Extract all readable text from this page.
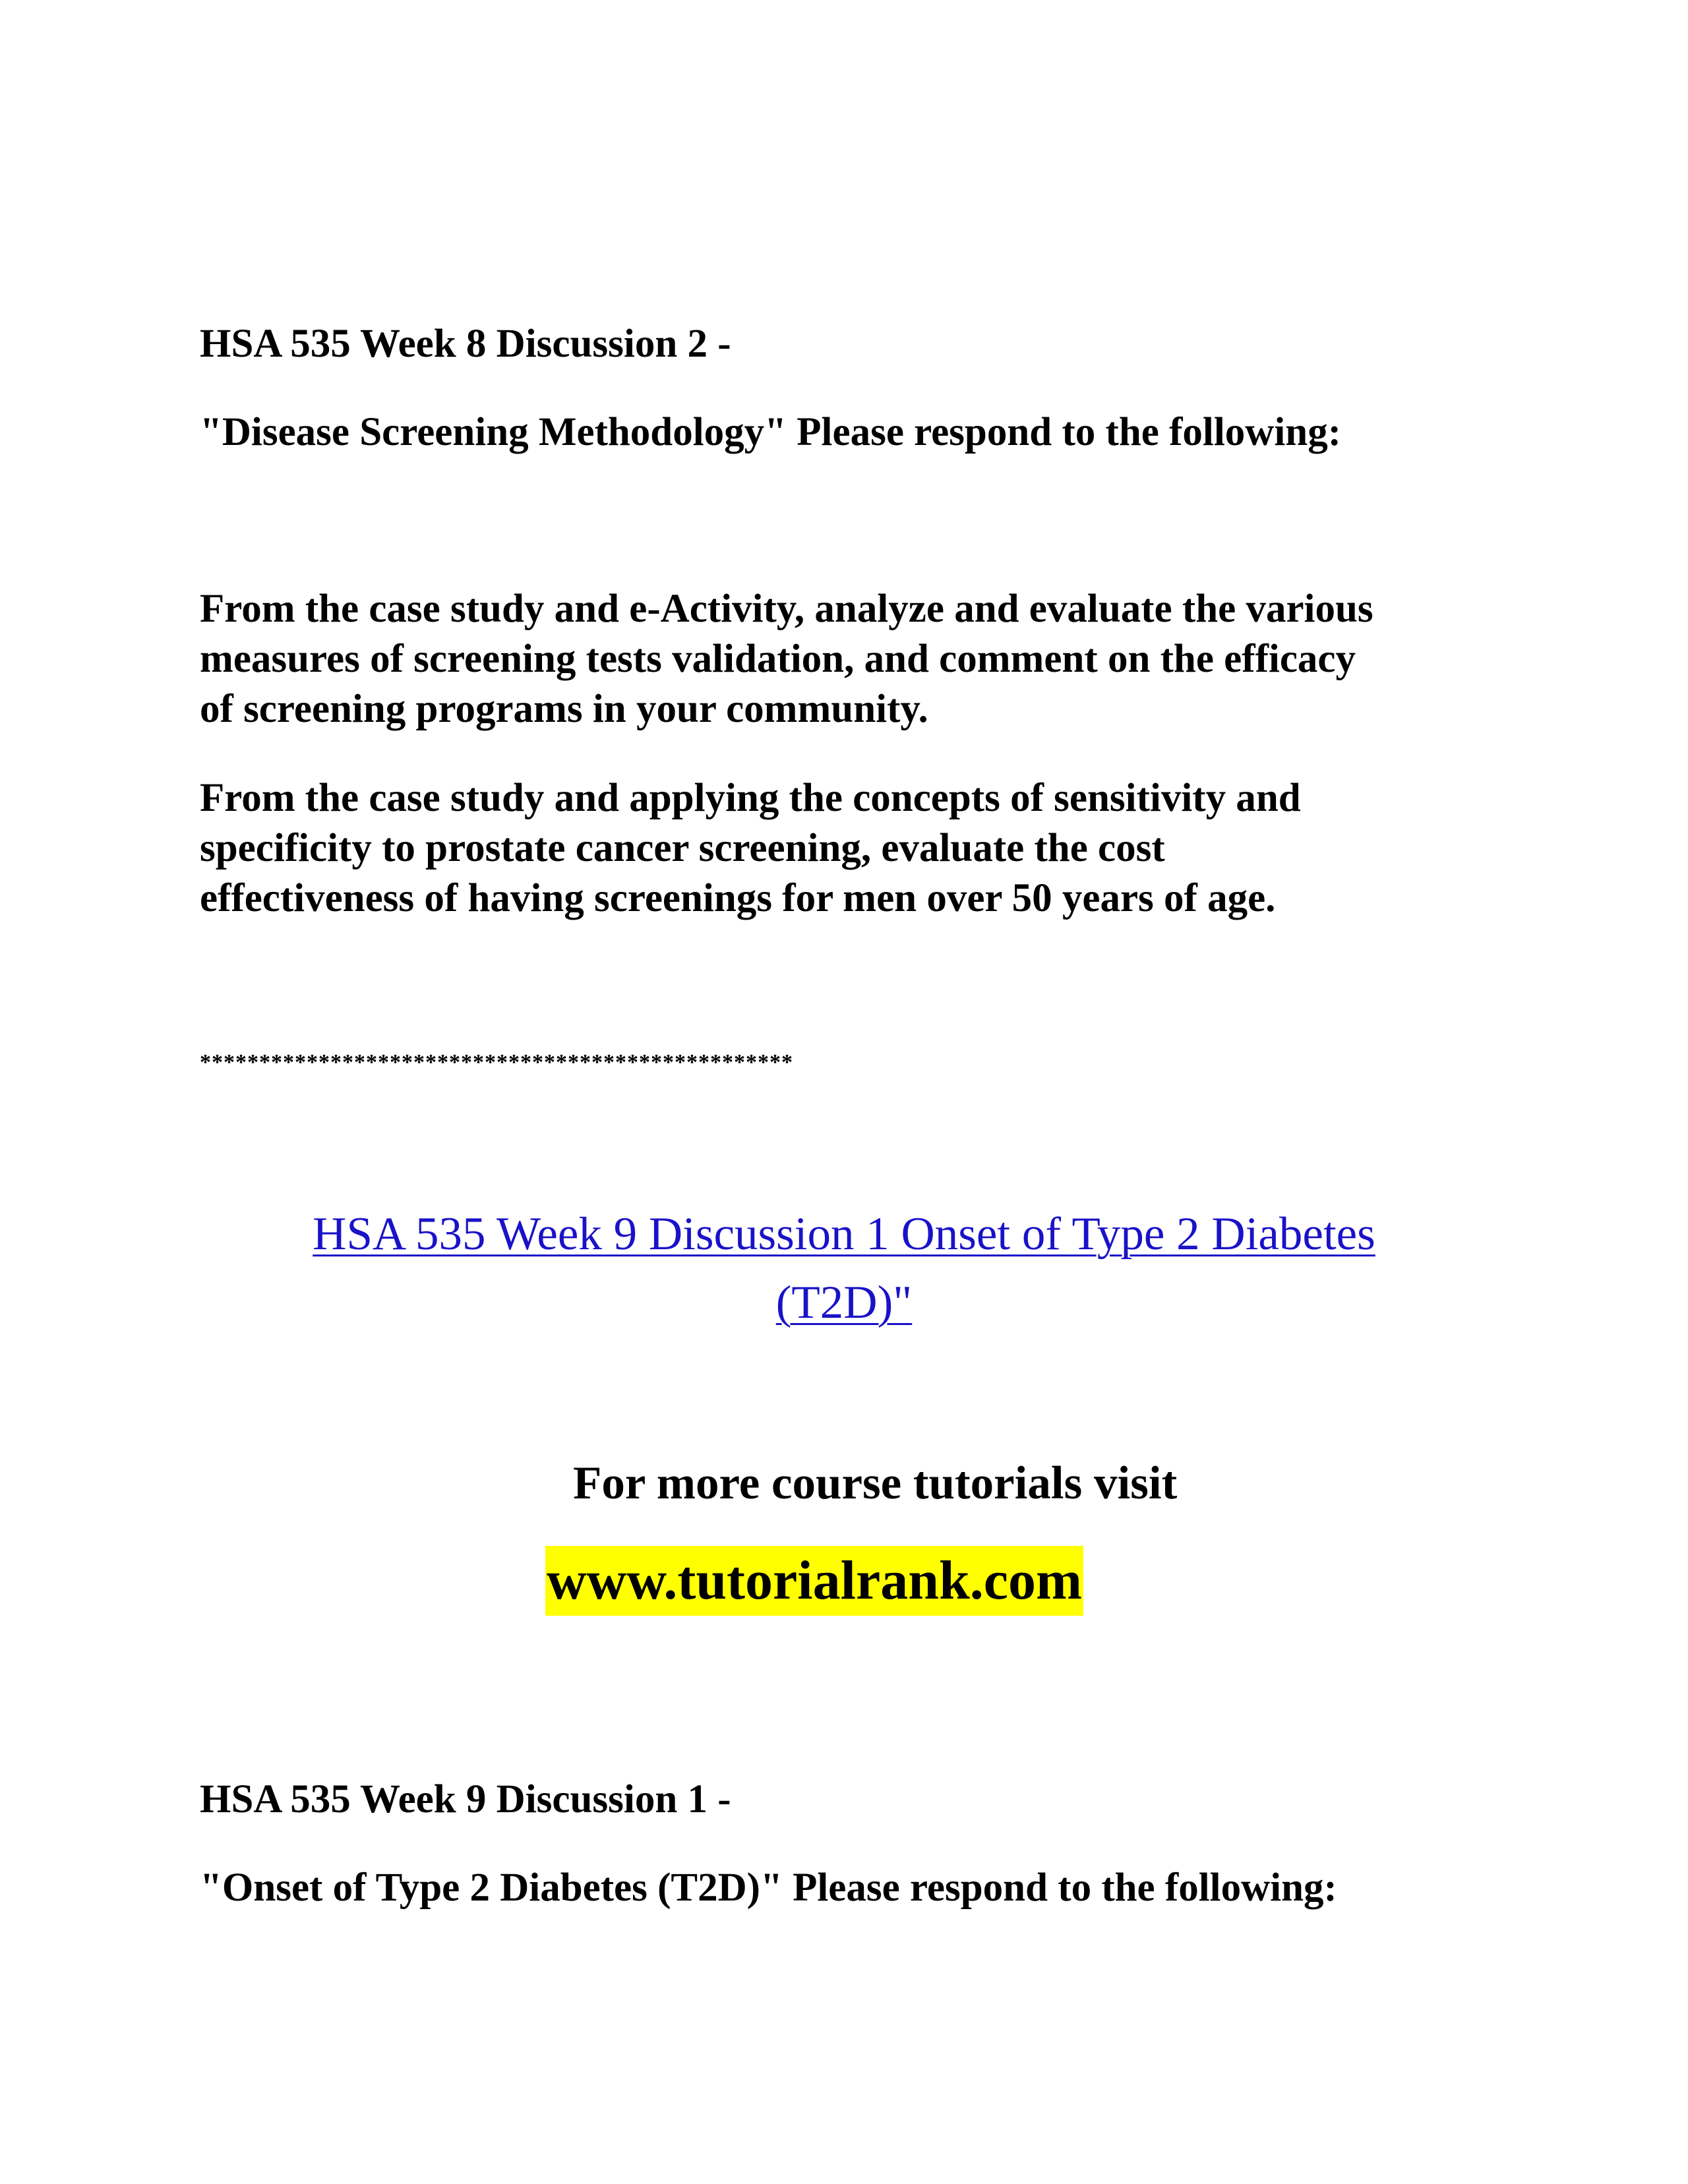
HSA 535 Week 8 Discussion 2 -

"Disease Screening Methodology" Please respond to the following:

From the case study and e-Activity, analyze and evaluate the various
measures of screening tests validation, and comment on the efficacy
of screening programs in your community.
From the case study and applying the concepts of sensitivity and
specificity to prostate cancer screening, evaluate the cost
effectiveness of having screenings for men over 50 years of age.

**************************************************

HSA 535 Week 9 Discussion 1 Onset of Type 2 Diabetes
(T2D)"

For more course tutorials visit

www.tutorialrank.com

HSA 535 Week 9 Discussion 1 -

"Onset of Type 2 Diabetes (T2D)" Please respond to the following:
